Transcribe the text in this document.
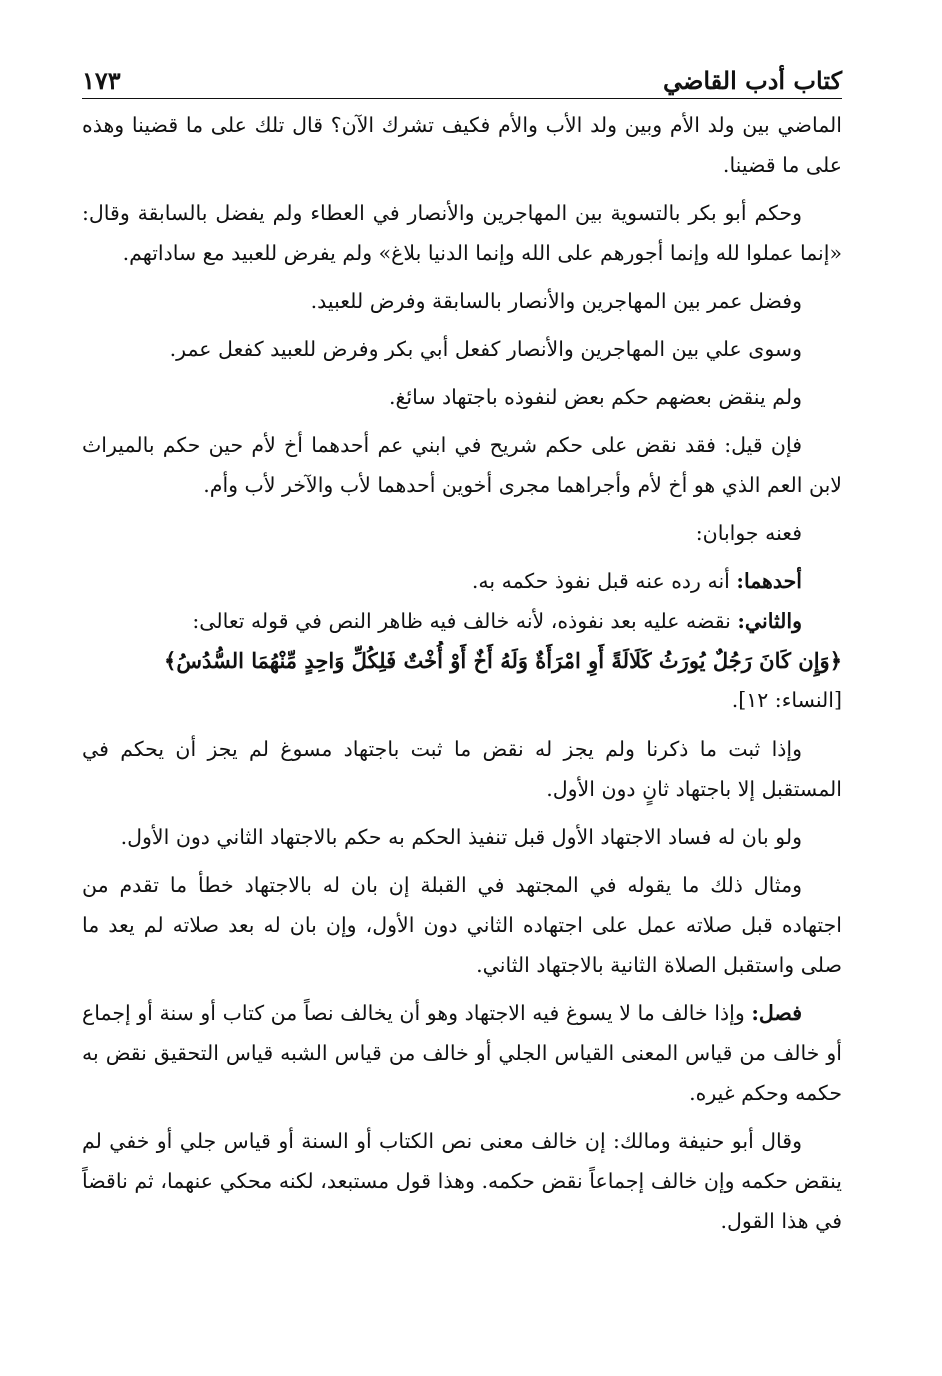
كتاب أدب القاضي
١٧٣

الماضي بين ولد الأم وبين ولد الأب والأم فكيف تشرك الآن؟ قال تلك على ما قضينا وهذه على ما قضينا.

وحكم أبو بكر بالتسوية بين المهاجرين والأنصار في العطاء ولم يفضل بالسابقة وقال: «إنما عملوا لله وإنما أجورهم على الله وإنما الدنيا بلاغ» ولم يفرض للعبيد مع ساداتهم.

وفضل عمر بين المهاجرين والأنصار بالسابقة وفرض للعبيد.

وسوى علي بين المهاجرين والأنصار كفعل أبي بكر وفرض للعبيد كفعل عمر.

ولم ينقض بعضهم حكم بعض لنفوذه باجتهاد سائغ.

فإن قيل: فقد نقض على حكم شريح في ابني عم أحدهما أخ لأم حين حكم بالميراث لابن العم الذي هو أخ لأم وأجراهما مجرى أخوين أحدهما لأب والآخر لأب وأم.

فعنه جوابان:

أحدهما: أنه رده عنه قبل نفوذ حكمه به.

والثاني: نقضه عليه بعد نفوذه، لأنه خالف فيه ظاهر النص في قوله تعالى:

﴿وَإِن كَانَ رَجُلٌ يُورَثُ كَلَالَةً أَوِ امْرَأَةٌ وَلَهُ أَخٌ أَوْ أُخْتٌ فَلِكُلِّ وَاحِدٍ مِّنْهُمَا السُّدُسُ﴾

[النساء: ١٢].

وإذا ثبت ما ذكرنا ولم يجز له نقض ما ثبت باجتهاد مسوغ لم يجز أن يحكم في المستقبل إلا باجتهاد ثانٍ دون الأول.

ولو بان له فساد الاجتهاد الأول قبل تنفيذ الحكم به حكم بالاجتهاد الثاني دون الأول.

ومثال ذلك ما يقوله في المجتهد في القبلة إن بان له بالاجتهاد خطأ ما تقدم من اجتهاده قبل صلاته عمل على اجتهاده الثاني دون الأول، وإن بان له بعد صلاته لم يعد ما صلى واستقبل الصلاة الثانية بالاجتهاد الثاني.

فصل: وإذا خالف ما لا يسوغ فيه الاجتهاد وهو أن يخالف نصاً من كتاب أو سنة أو إجماع أو خالف من قياس المعنى القياس الجلي أو خالف من قياس الشبه قياس التحقيق نقض به حكمه وحكم غيره.

وقال أبو حنيفة ومالك: إن خالف معنى نص الكتاب أو السنة أو قياس جلي أو خفي لم ينقض حكمه وإن خالف إجماعاً نقض حكمه. وهذا قول مستبعد، لكنه محكي عنهما، ثم ناقضاً في هذا القول.
